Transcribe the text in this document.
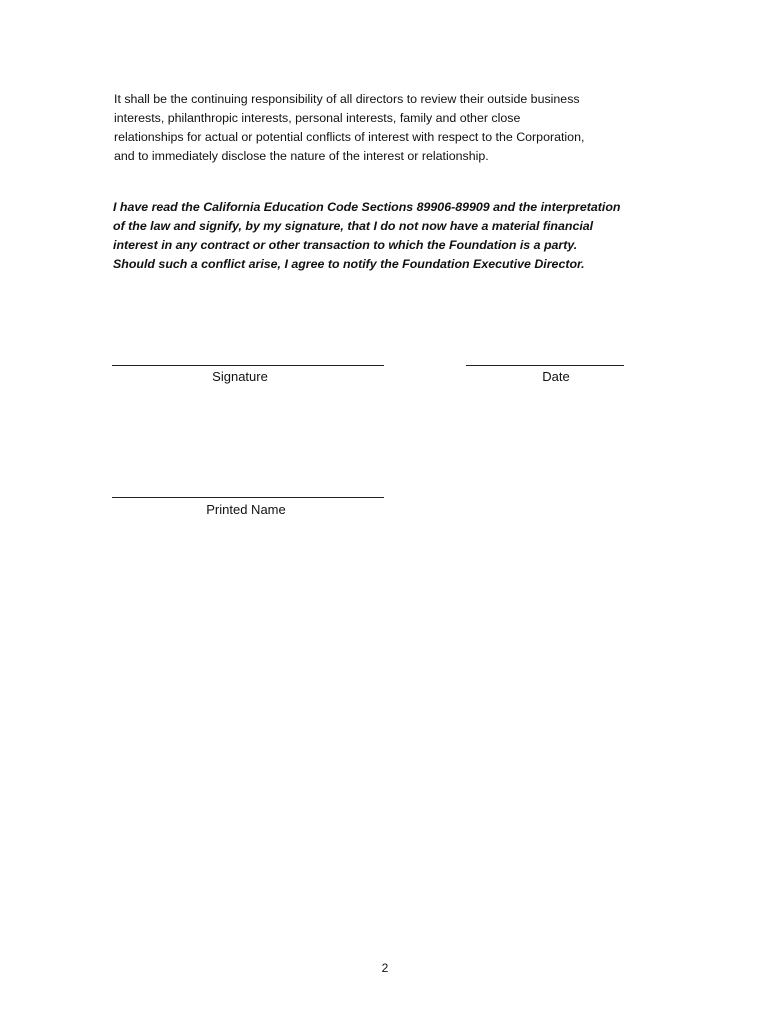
It shall be the continuing responsibility of all directors to review their outside business
interests, philanthropic interests, personal interests, family and other close
relationships for actual or potential conflicts of interest with respect to the Corporation,
and to immediately disclose the nature of the interest or relationship.

I have read the California Education Code Sections 89906-89909 and the interpretation
of the law and signify, by my signature, that I do not now have a material financial
interest in any contract or other transaction to which the Foundation is a party.
Should such a conflict arise, I agree to notify the Foundation Executive Director.

Signature	Date

Printed Name

2
